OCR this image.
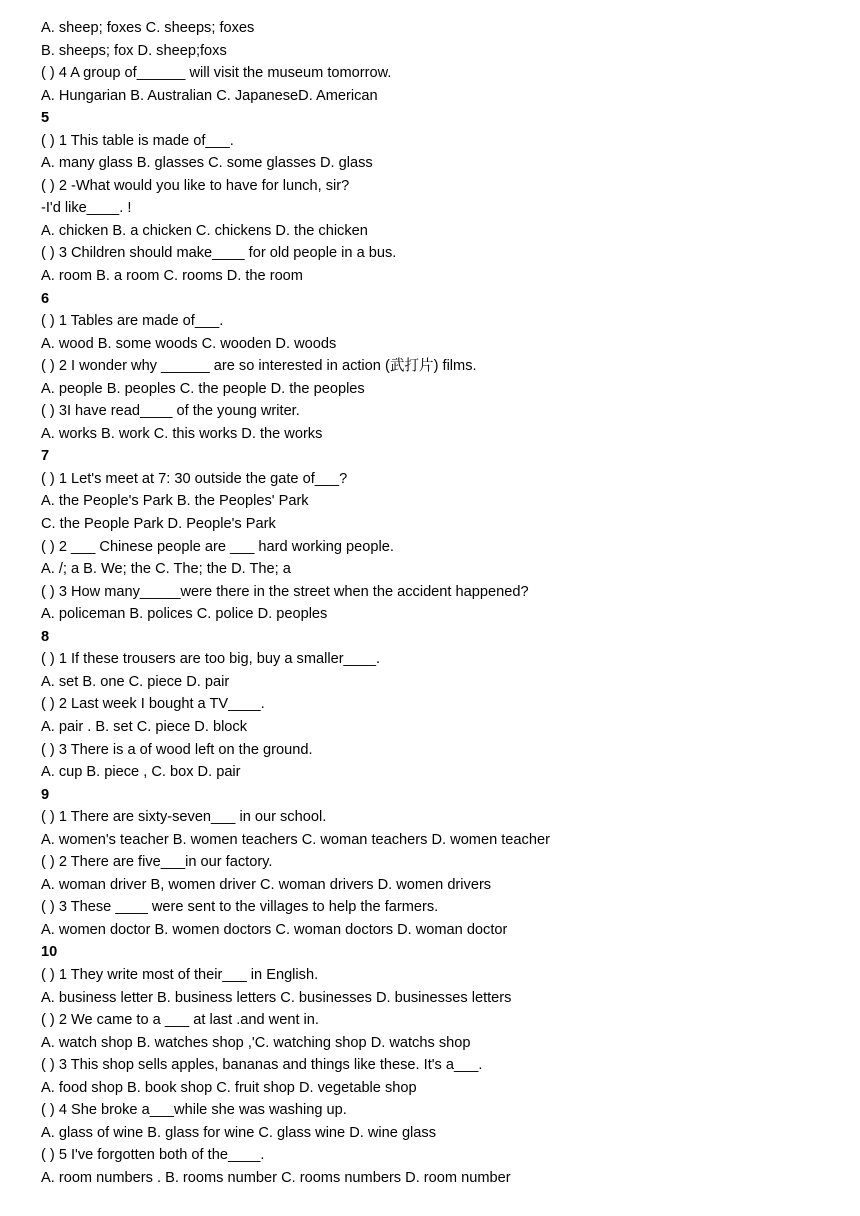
A. sheep; foxes C. sheeps; foxes
B. sheeps; fox D. sheep;foxs
( ) 4 A group of______ will visit the museum tomorrow.
A. Hungarian B. Australian C. JapaneseD. American
5
( ) 1 This table is made of___.
A. many glass B. glasses C. some glasses D. glass
( ) 2 -What would you like to have for lunch, sir?
-I'd like____. !
A. chicken B. a chicken C. chickens D. the chicken
( ) 3 Children should make____ for old people in a bus.
A. room B. a room C. rooms D. the room
6
( ) 1 Tables are made of___.
A. wood B. some woods C. wooden D. woods
( ) 2 I wonder why ______ are so interested in action (武打片) films.
A. people B. peoples C. the people D. the peoples
( ) 3I have read____ of the young writer.
A. works B. work C. this works D. the works
7
( ) 1 Let's meet at 7: 30 outside the gate of___?
A. the People's Park B. the Peoples' Park
C. the People Park D. People's Park
( ) 2 ___ Chinese people are ___ hard working people.
A. /; a B. We; the C. The; the D. The; a
( ) 3 How many_____were there in the street when the accident happened?
A. policeman B. polices C. police D. peoples
8
( ) 1 If these trousers are too big, buy a smaller____.
A. set B. one C. piece D. pair
( ) 2 Last week I bought a TV____.
A. pair . B. set C. piece D. block
( ) 3 There is a of wood left on the ground.
A. cup B. piece , C. box D. pair
9
( ) 1 There are sixty-seven___ in our school.
A. women's teacher B. women teachers C. woman teachers D. women teacher
( ) 2 There are five___in our factory.
A. woman driver B, women driver C. woman drivers D. women drivers
( ) 3 These ____ were sent to the villages to help the farmers.
A. women doctor B. women doctors C. woman doctors D. woman doctor
10
( ) 1 They write most of their___ in English.
A. business letter B. business letters C. businesses D. businesses letters
( ) 2 We came to a ___ at last .and went in.
A. watch shop B. watches shop ,'C. watching shop D. watchs shop
( ) 3 This shop sells apples, bananas and things like these. It's a___.
A. food shop B. book shop C. fruit shop D. vegetable shop
( ) 4 She broke a___while she was washing up.
A. glass of wine B. glass for wine C. glass wine D. wine glass
( ) 5 I've forgotten both of the____.
A. room numbers . B. rooms number C. rooms numbers D. room number
